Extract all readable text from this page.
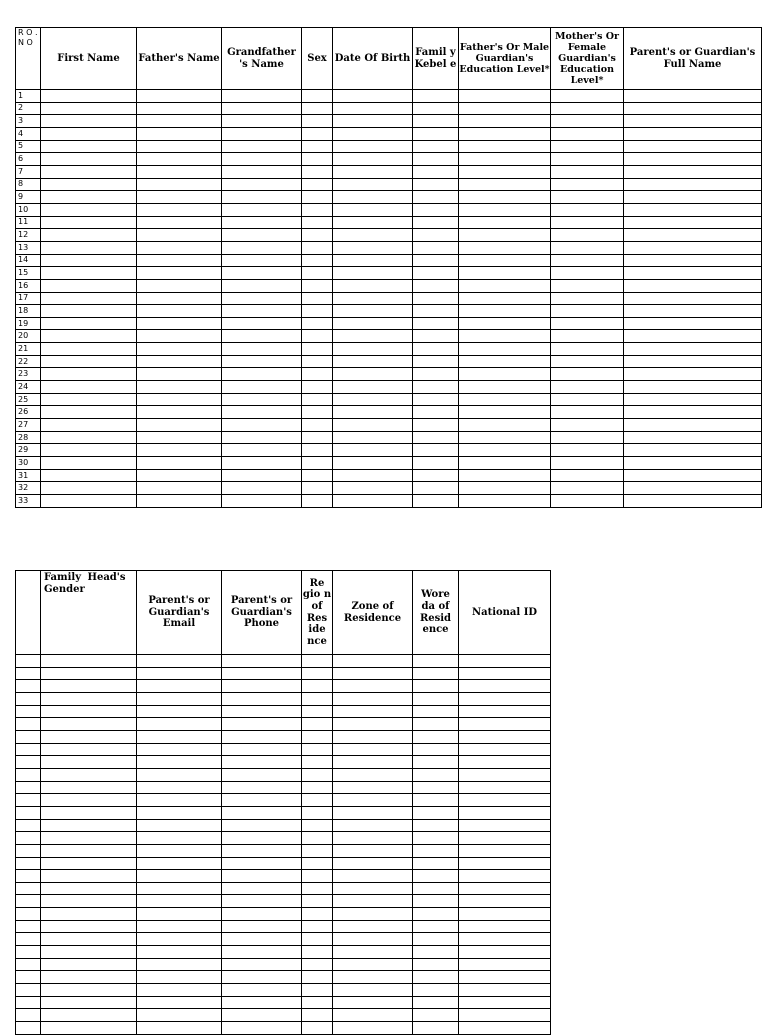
R O . N O	First Name	Father's Name	Grandfather 's Name	Sex	Date Of Birth	Famil y Kebel e	Father's Or Male Guardian's Education Level*	Mother's Or Female Guardian's Education Level*	Parent's or Guardian's Full Name
1									
2									
3									
4									
5									
6									
7									
8									
9									
10									
11									
12									
13									
14									
15									
16									
17									
18									
19									
20									
21									
22									
23									
24									
25									
26									
27									
28									
29									
30									
31									
32									
33									
	Family Head's Gender	Parent's or Guardian's Email	Parent's or Guardian's Phone	Re gio n of Res ide nce	Zone of Residence	Wore da of Resid ence	National ID
